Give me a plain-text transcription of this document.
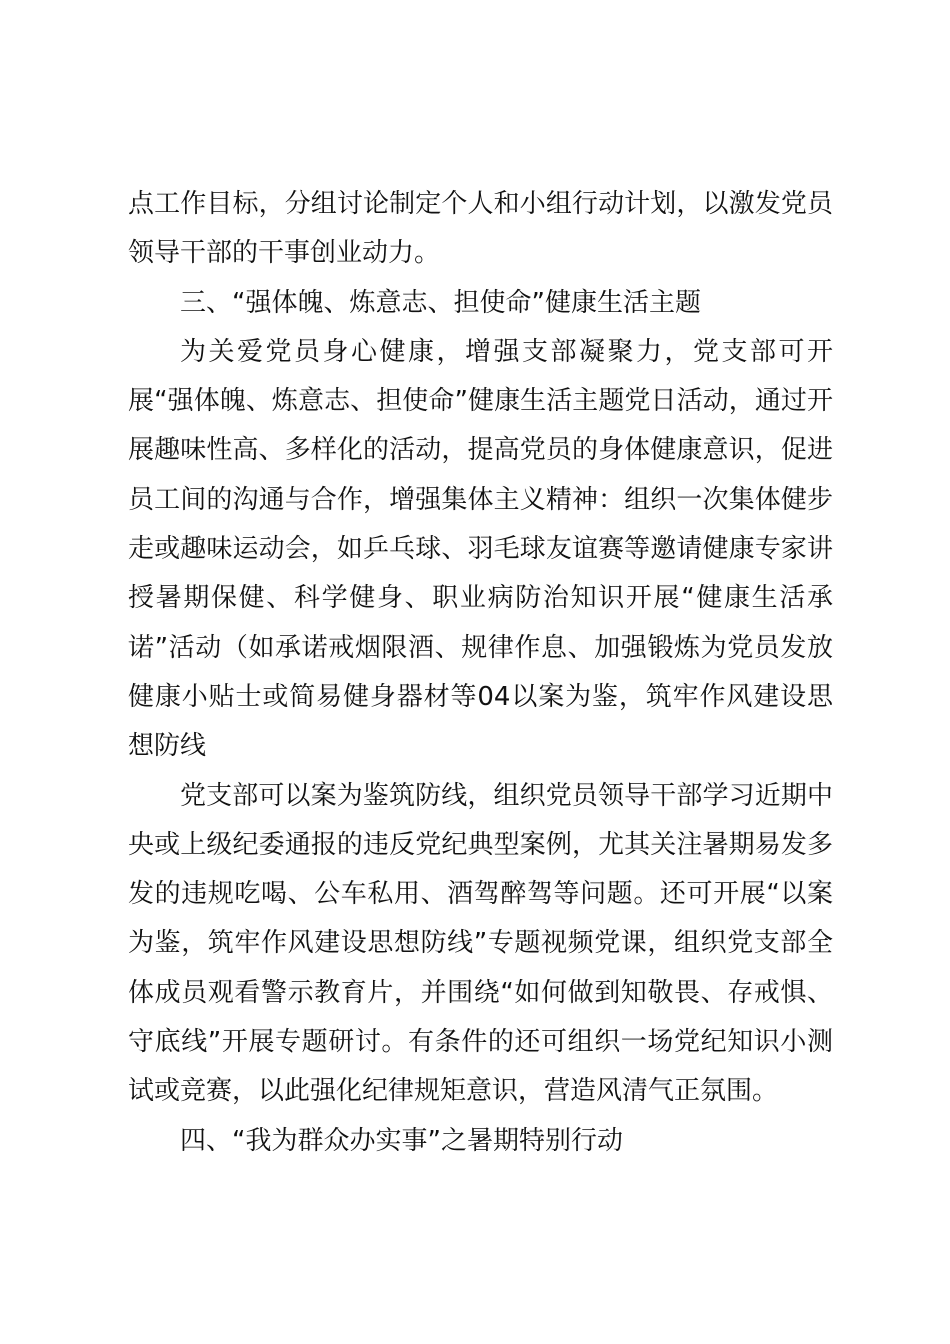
点工作目标，分组讨论制定个人和小组行动计划，以激发党员领导干部的干事创业动力。

三、“强体魄、炼意志、担使命”健康生活主题

为关爱党员身心健康，增强支部凝聚力，党支部可开展“强体魄、炼意志、担使命”健康生活主题党日活动，通过开展趣味性高、多样化的活动，提高党员的身体健康意识，促进员工间的沟通与合作，增强集体主义精神：组织一次集体健步走或趣味运动会，如乒乓球、羽毛球友谊赛等邀请健康专家讲授暑期保健、科学健身、职业病防治知识开展“健康生活承诺”活动（如承诺戒烟限酒、规律作息、加强锻炼为党员发放健康小贴士或简易健身器材等04以案为鉴，筑牢作风建设思想防线

党支部可以案为鉴筑防线，组织党员领导干部学习近期中央或上级纪委通报的违反党纪典型案例，尤其关注暑期易发多发的违规吃喝、公车私用、酒驾醉驾等问题。还可开展“以案为鉴，筑牢作风建设思想防线”专题视频党课，组织党支部全体成员观看警示教育片，并围绕“如何做到知敬畏、存戒惧、守底线”开展专题研讨。有条件的还可组织一场党纪知识小测试或竞赛，以此强化纪律规矩意识，营造风清气正氛围。

四、“我为群众办实事”之暑期特别行动
